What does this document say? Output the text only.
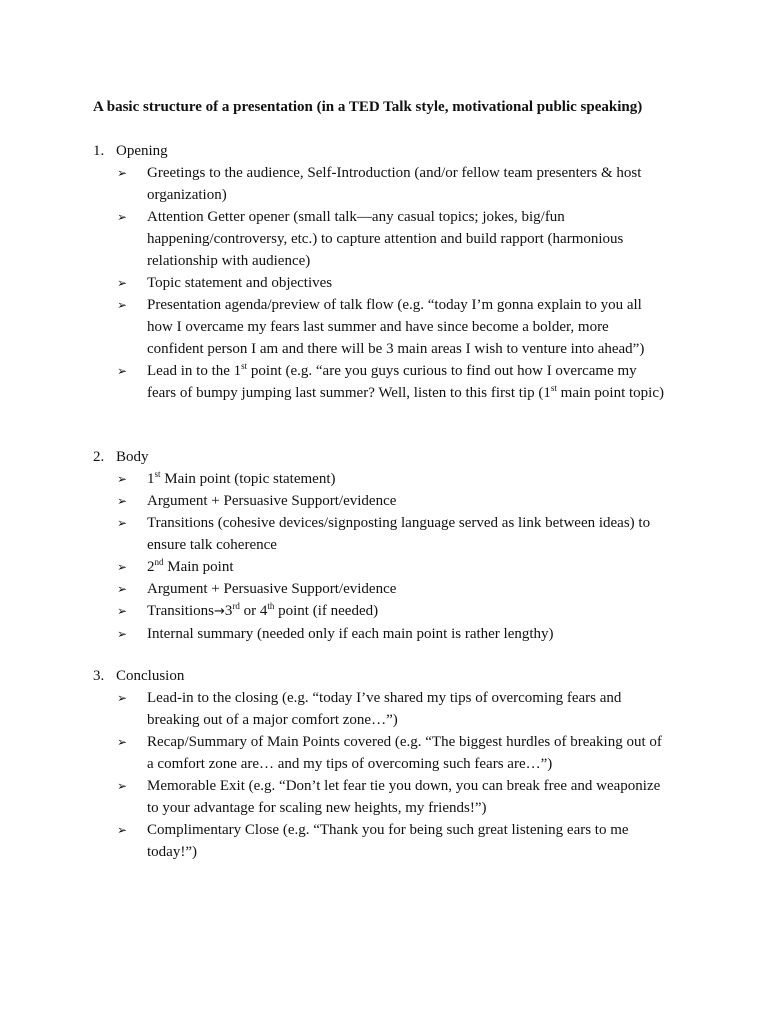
A basic structure of a presentation (in a TED Talk style, motivational public speaking)
1. Opening
➢ Greetings to the audience, Self-Introduction (and/or fellow team presenters & host organization)
➢ Attention Getter opener (small talk—any casual topics; jokes, big/fun happening/controversy, etc.) to capture attention and build rapport (harmonious relationship with audience)
➢ Topic statement and objectives
➢ Presentation agenda/preview of talk flow (e.g. “today I’m gonna explain to you all how I overcame my fears last summer and have since become a bolder, more confident person I am and there will be 3 main areas I wish to venture into ahead”)
➢ Lead in to the 1st point (e.g. “are you guys curious to find out how I overcame my fears of bumpy jumping last summer? Well, listen to this first tip (1st main point topic)
2. Body
➢ 1st Main point (topic statement)
➢ Argument + Persuasive Support/evidence
➢ Transitions (cohesive devices/signposting language served as link between ideas) to ensure talk coherence
➢ 2nd Main point
➢ Argument + Persuasive Support/evidence
➢ Transitions→3rd or 4th point (if needed)
➢ Internal summary (needed only if each main point is rather lengthy)
3. Conclusion
➢ Lead-in to the closing (e.g. “today I’ve shared my tips of overcoming fears and breaking out of a major comfort zone…”)
➢ Recap/Summary of Main Points covered (e.g. “The biggest hurdles of breaking out of a comfort zone are… and my tips of overcoming such fears are…”)
➢ Memorable Exit (e.g. “Don’t let fear tie you down, you can break free and weaponize to your advantage for scaling new heights, my friends!”)
➢ Complimentary Close (e.g. “Thank you for being such great listening ears to me today!”)
